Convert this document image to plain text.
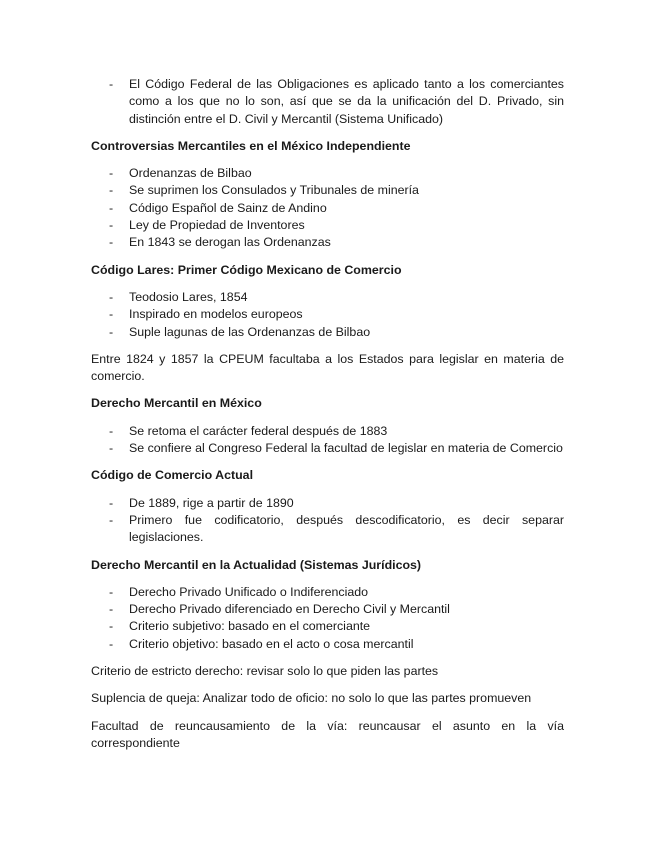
- El Código Federal de las Obligaciones es aplicado tanto a los comerciantes como a los que no lo son, así que se da la unificación del D. Privado, sin distinción entre el D. Civil y Mercantil (Sistema Unificado)
Controversias Mercantiles en el México Independiente
- Ordenanzas de Bilbao
- Se suprimen los Consulados y Tribunales de minería
- Código Español de Sainz de Andino
- Ley de Propiedad de Inventores
- En 1843 se derogan las Ordenanzas
Código Lares: Primer Código Mexicano de Comercio
- Teodosio Lares, 1854
- Inspirado en modelos europeos
- Suple lagunas de las Ordenanzas de Bilbao
Entre 1824 y 1857 la CPEUM facultaba a los Estados para legislar en materia de comercio.
Derecho Mercantil en México
- Se retoma el carácter federal después de 1883
- Se confiere al Congreso Federal la facultad de legislar en materia de Comercio
Código de Comercio Actual
- De 1889, rige a partir de 1890
- Primero fue codificatorio, después descodificatorio, es decir separar legislaciones.
Derecho Mercantil en la Actualidad (Sistemas Jurídicos)
- Derecho Privado Unificado o Indiferenciado
- Derecho Privado diferenciado en Derecho Civil y Mercantil
- Criterio subjetivo: basado en el comerciante
- Criterio objetivo: basado en el acto o cosa mercantil
Criterio de estricto derecho: revisar solo lo que piden las partes
Suplencia de queja: Analizar todo de oficio: no solo lo que las partes promueven
Facultad de reuncausamiento de la vía: reuncausar el asunto en la vía correspondiente
